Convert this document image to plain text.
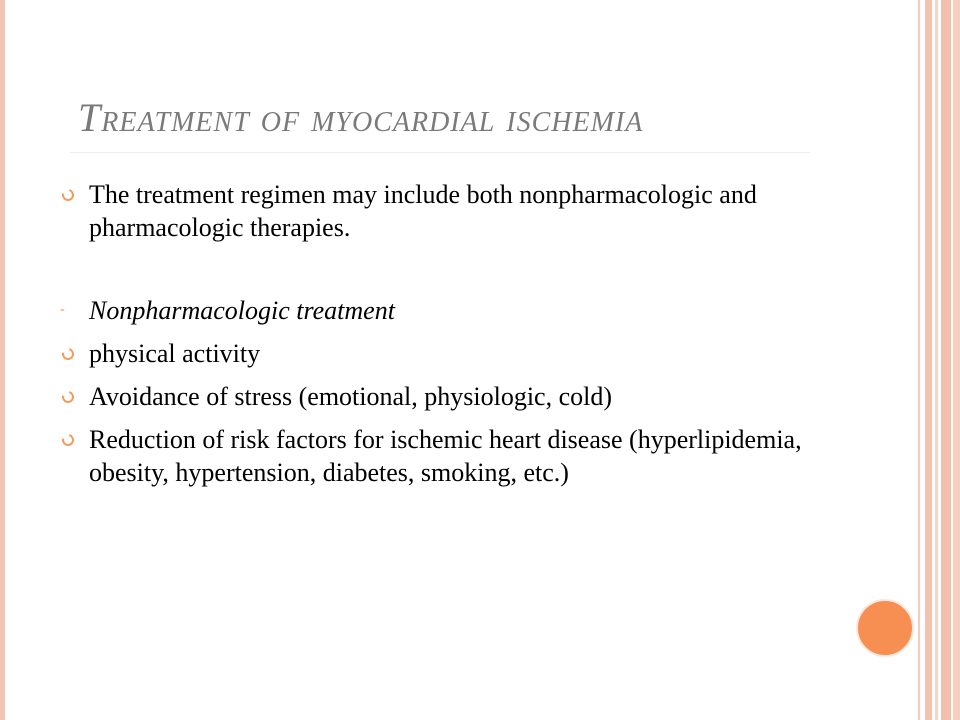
Treatment of myocardial ischemia
The treatment regimen may include both nonpharmacologic and pharmacologic therapies.
- Nonpharmacologic treatment
physical activity
Avoidance of stress (emotional, physiologic, cold)
Reduction of risk factors for ischemic heart disease (hyperlipidemia, obesity, hypertension, diabetes, smoking, etc.)
